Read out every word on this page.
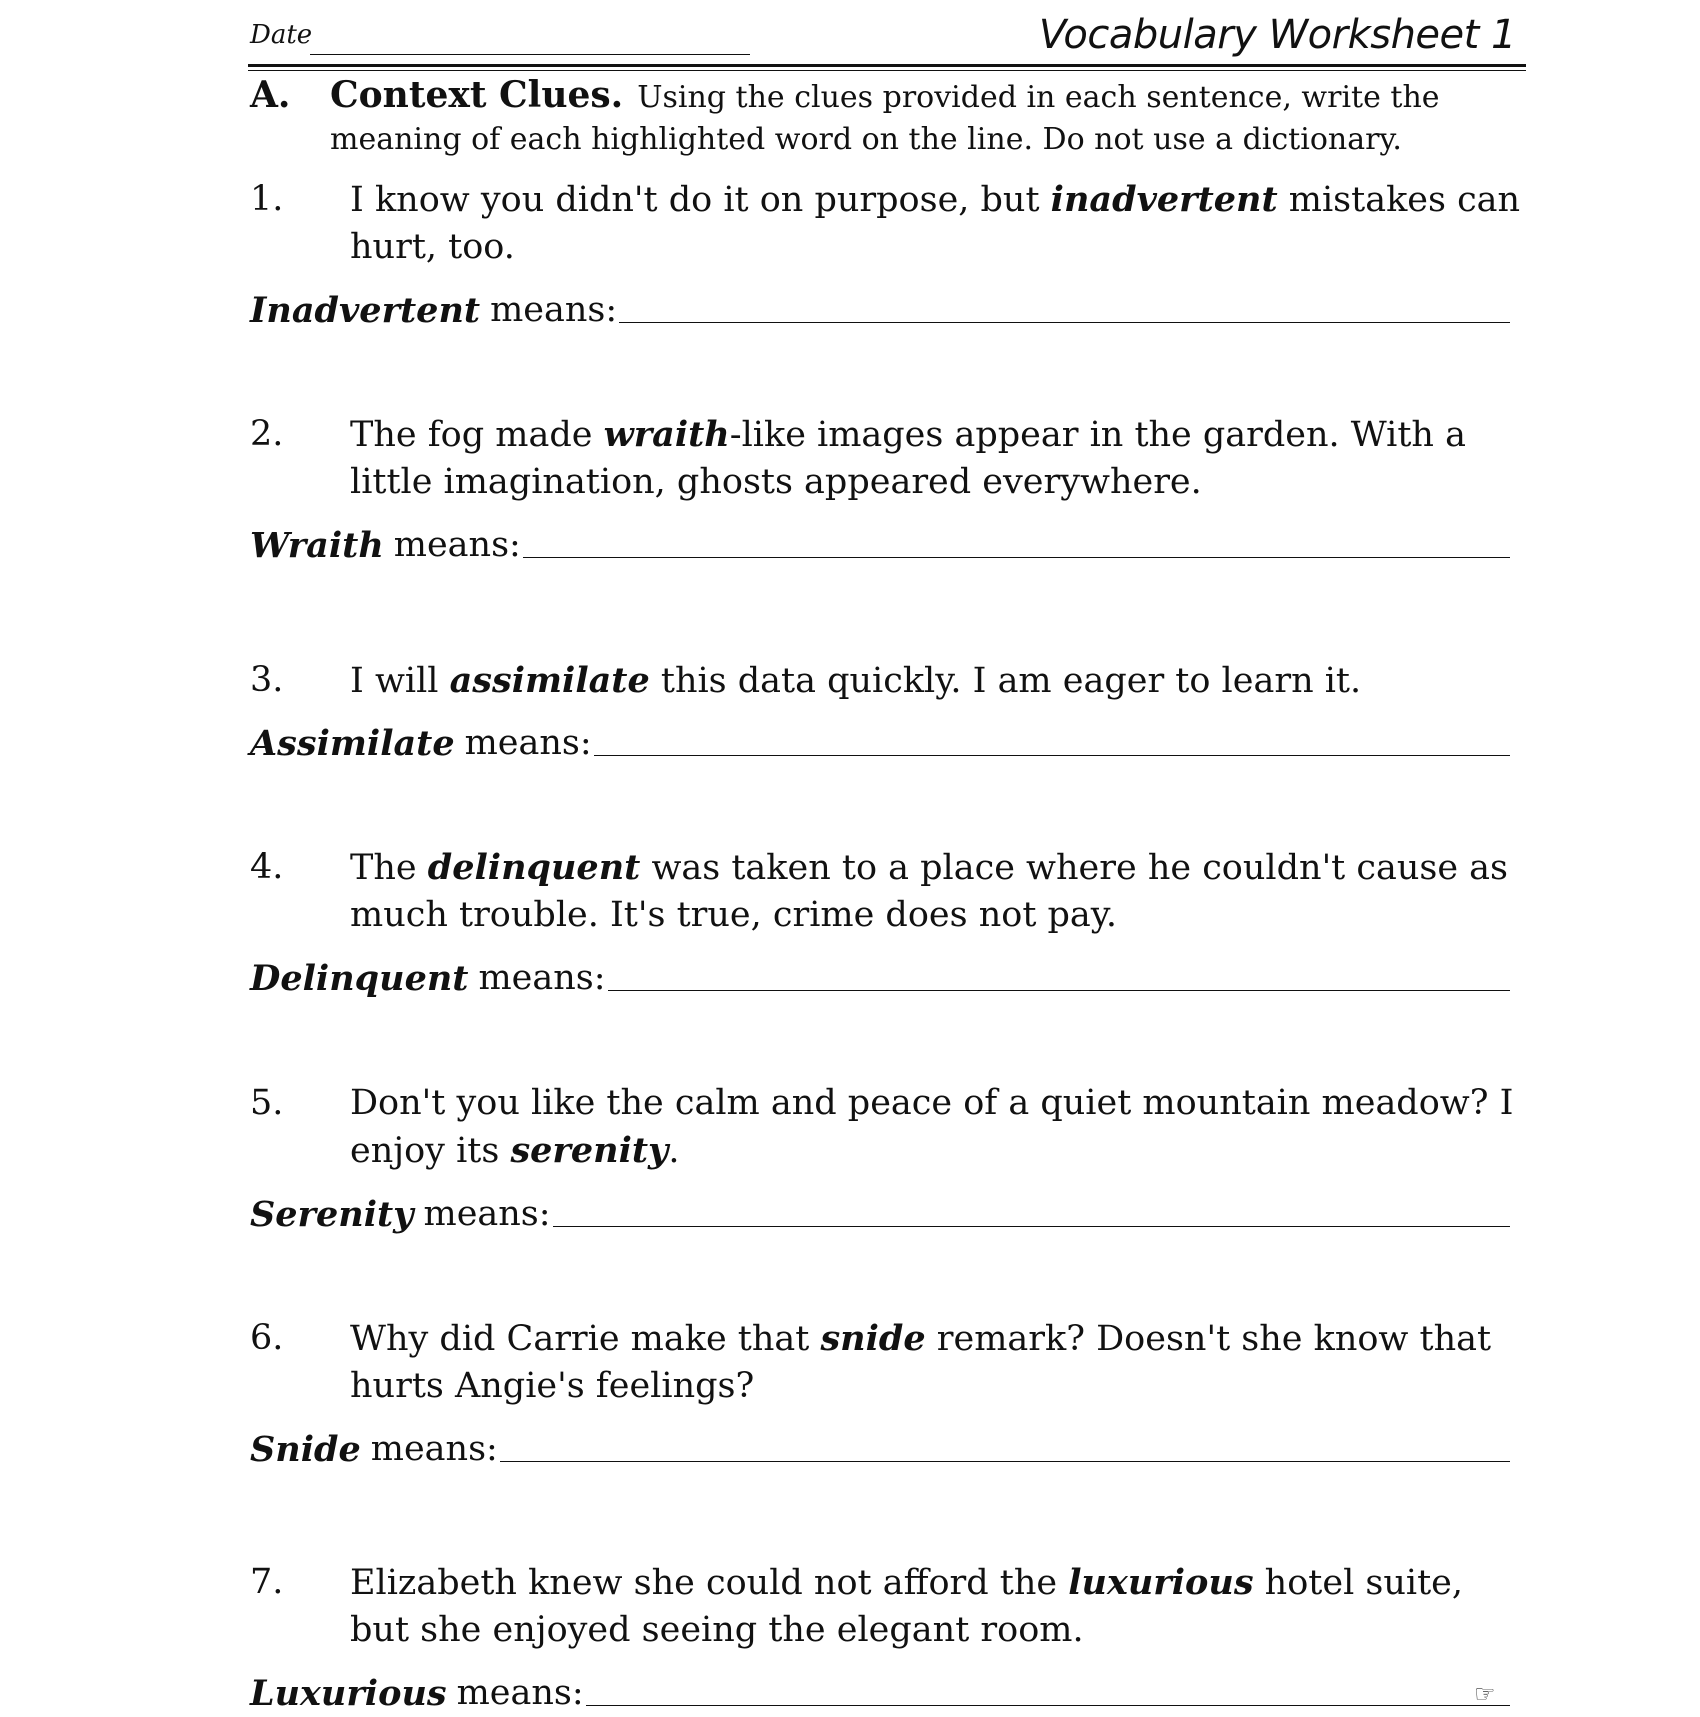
Date	Vocabulary Worksheet 1
A. Context Clues. Using the clues provided in each sentence, write the meaning of each highlighted word on the line. Do not use a dictionary.
1. I know you didn't do it on purpose, but inadvertent mistakes can hurt, too.
Inadvertent means:
2. The fog made wraith-like images appear in the garden. With a little imagination, ghosts appeared everywhere.
Wraith means:
3. I will assimilate this data quickly. I am eager to learn it.
Assimilate means:
4. The delinquent was taken to a place where he couldn't cause as much trouble. It's true, crime does not pay.
Delinquent means:
5. Don't you like the calm and peace of a quiet mountain meadow? I enjoy its serenity.
Serenity means:
6. Why did Carrie make that snide remark? Doesn't she know that hurts Angie's feelings?
Snide means:
7. Elizabeth knew she could not afford the luxurious hotel suite, but she enjoyed seeing the elegant room.
Luxurious means:	☞
